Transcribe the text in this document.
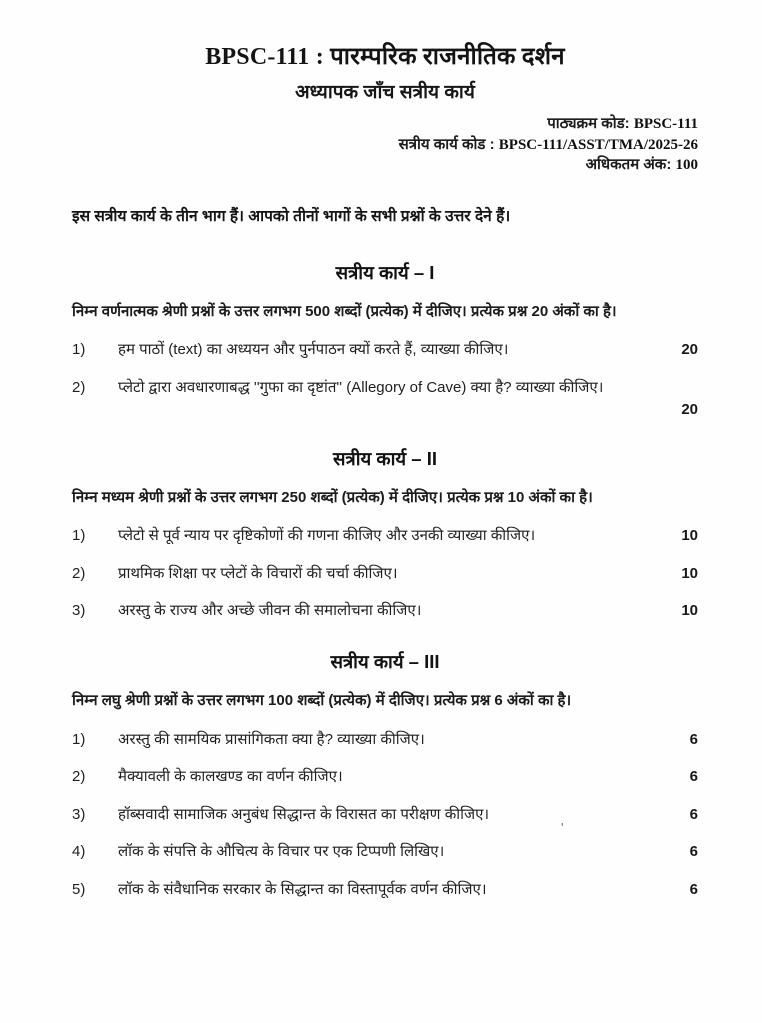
BPSC-111 : पारम्परिक राजनीतिक दर्शन
अध्यापक जाँच सत्रीय कार्य
पाठ्यक्रम कोड: BPSC-111
सत्रीय कार्य कोड : BPSC-111/ASST/TMA/2025-26
अधिकतम अंक: 100
इस सत्रीय कार्य के तीन भाग हैं। आपको तीनों भागों के सभी प्रश्नों के उत्तर देने हैं।
सत्रीय कार्य – I
निम्न वर्णनात्मक श्रेणी प्रश्नों के उत्तर लगभग 500 शब्दों (प्रत्येक) में दीजिए। प्रत्येक प्रश्न 20 अंकों का है।
1)	हम पाठों (text) का अध्ययन और पुर्नपाठन क्यों करते हैं, व्याख्या कीजिए।	20
2)	प्लेटो द्वारा अवधारणाबद्ध ''गुफा का दृष्टांत'' (Allegory of Cave) क्या है? व्याख्या कीजिए।
20
सत्रीय कार्य – II
निम्न मध्यम श्रेणी प्रश्नों के उत्तर लगभग 250 शब्दों (प्रत्येक) में दीजिए। प्रत्येक प्रश्न 10 अंकों का है।
1)	प्लेटो से पूर्व न्याय पर दृष्टिकोणों की गणना कीजिए और उनकी व्याख्या कीजिए।	10
2)	प्राथमिक शिक्षा पर प्लेटों के विचारों की चर्चा कीजिए।	10
3)	अरस्तु के राज्य और अच्छे जीवन की समालोचना कीजिए।	10
सत्रीय कार्य – III
निम्न लघु श्रेणी प्रश्नों के उत्तर लगभग 100 शब्दों (प्रत्येक) में दीजिए। प्रत्येक प्रश्न 6 अंकों का है।
1)	अरस्तु की सामयिक प्रासांगिकता क्या है? व्याख्या कीजिए।	6
2)	मैक्यावली के कालखण्ड का वर्णन कीजिए।	6
3)	हॉब्सवादी सामाजिक अनुबंध सिद्धान्त के विरासत का परीक्षण कीजिए।	6
4)	लॉक के संपत्ति के औचित्य के विचार पर एक टिप्पणी लिखिए।	6
5)	लॉक के संवैधानिक सरकार के सिद्धान्त का विस्तापूर्वक वर्णन कीजिए।	6
'
